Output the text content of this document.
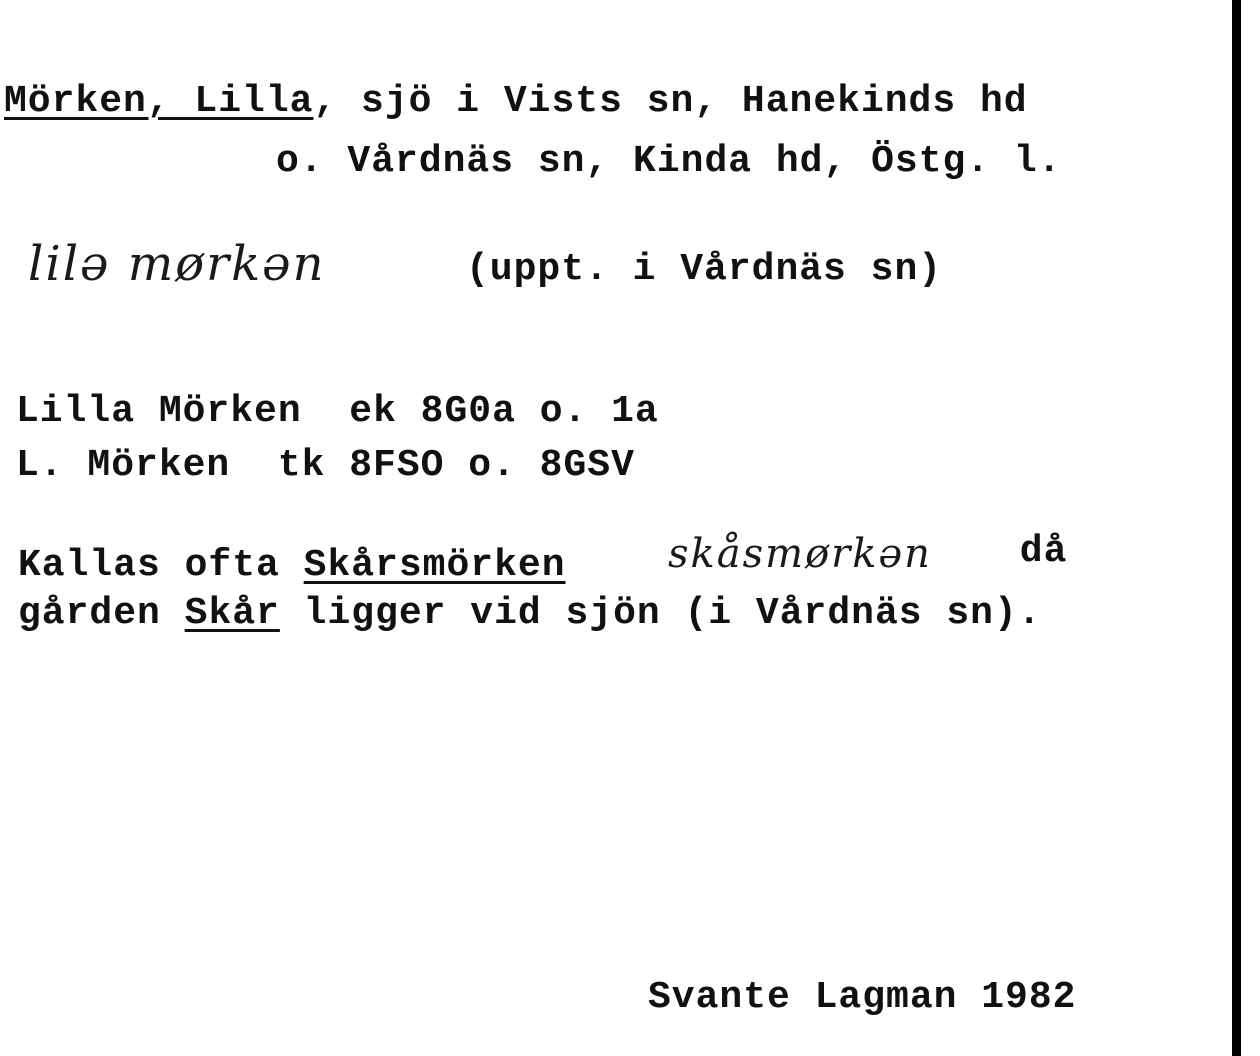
Mörken, Lilla, sjö i Vists sn, Hanekinds hd
o. Vårdnäs sn, Kinda hd, Östg. l.
lilə mørkən	(uppt. i Vårdnäs sn)
Lilla Mörken ek 8G0a o. 1a
L. Mörken tk 8FSO o. 8GSV
Kallas ofta Skårsmörken	skåsmørkən då
gården Skår ligger vid sjön (i Vårdnäs sn).
Svante Lagman 1982
